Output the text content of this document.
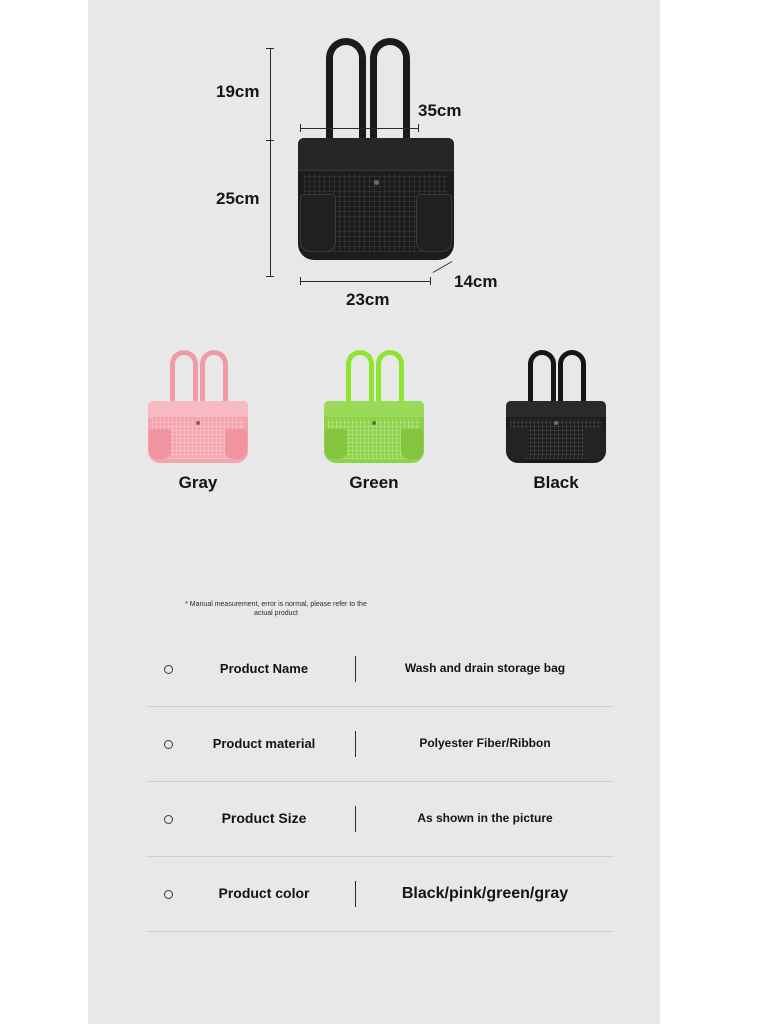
19cm
25cm
35cm
23cm
14cm
Gray	Green	Black
* Manual measurement, error is normal, please refer to the actual product
Product Name	Wash and drain storage bag
Product material	Polyester Fiber/Ribbon
Product Size	As shown in the picture
Product color	Black/pink/green/gray
